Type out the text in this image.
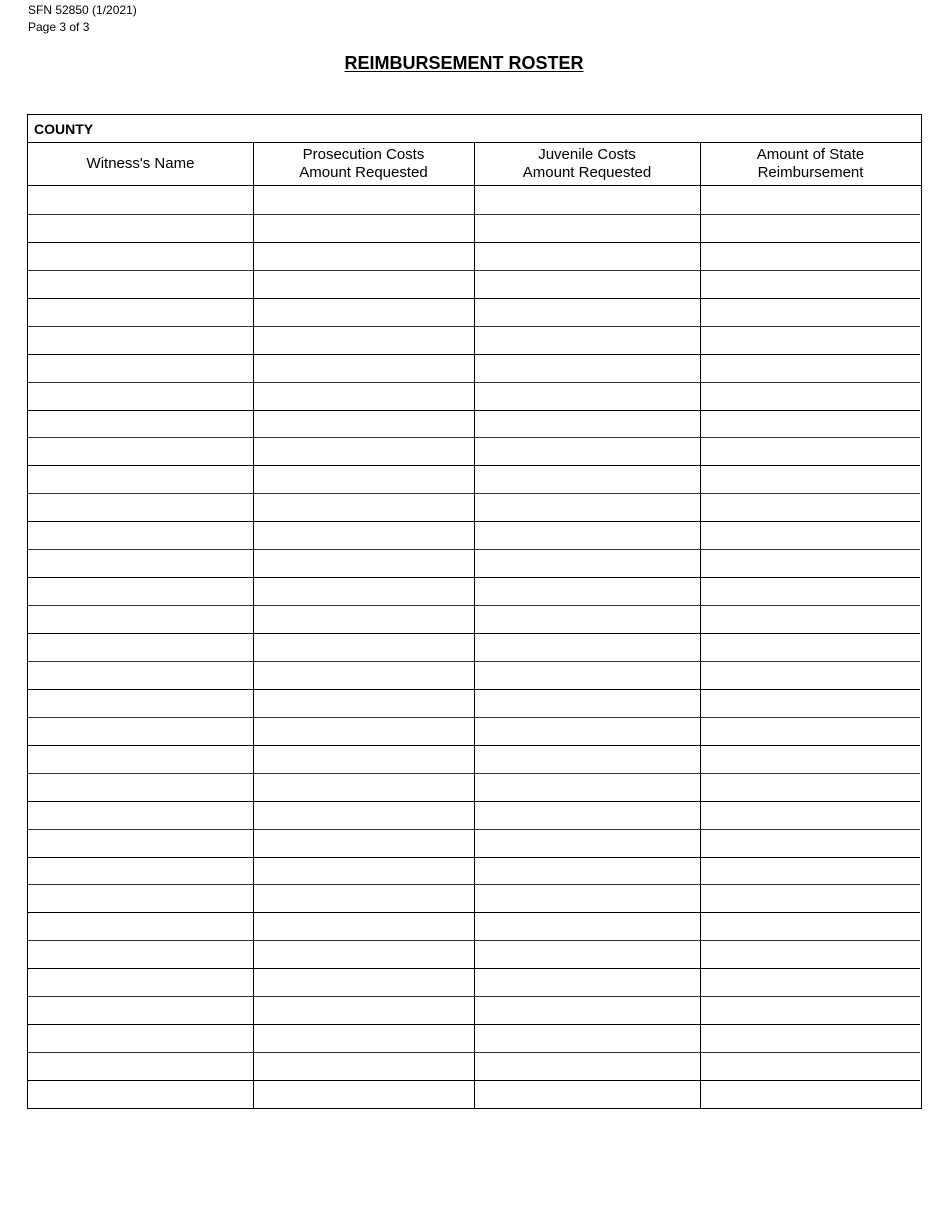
SFN 52850 (1/2021)
Page 3 of 3
REIMBURSEMENT ROSTER
COUNTY
Witness's Name
Prosecution Costs
Amount Requested
Juvenile Costs
Amount Requested
Amount of State
Reimbursement
